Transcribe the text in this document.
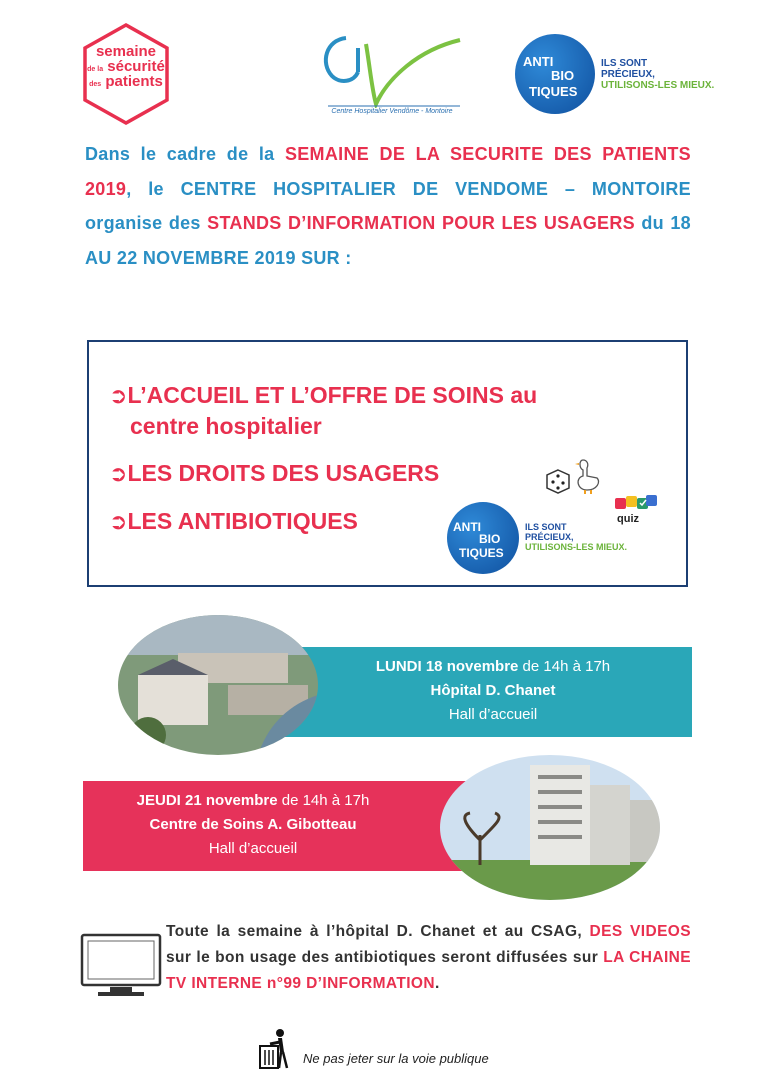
semaine
de la sécurité
des patients
Centre Hospitalier Vendôme - Montoire
ANTI
BIO
TIQUES
ILS SONT
PRÉCIEUX,
UTILISONS-LES MIEUX.
Dans le cadre de la SEMAINE DE LA SECURITE DES PATIENTS 2019, le CENTRE HOSPITALIER DE VENDOME – MONTOIRE organise des STANDS D’INFORMATION POUR LES USAGERS du 18 AU 22 NOVEMBRE 2019 SUR :
➲L’ACCUEIL ET L’OFFRE DE SOINS au
centre hospitalier
➲LES DROITS DES USAGERS
➲LES ANTIBIOTIQUES	quiz
ANTI
BIO
TIQUES
ILS SONT
PRÉCIEUX,
UTILISONS-LES MIEUX.
LUNDI 18 novembre de 14h à 17h
Hôpital D. Chanet
Hall d’accueil
JEUDI 21 novembre de 14h à 17h
Centre de Soins A. Gibotteau
Hall d’accueil
Toute la semaine à l’hôpital D. Chanet et au CSAG, DES VIDEOS sur le bon usage des antibiotiques seront diffusées sur LA CHAINE TV INTERNE n°99 D’INFORMATION.
Ne pas jeter sur la voie publique
